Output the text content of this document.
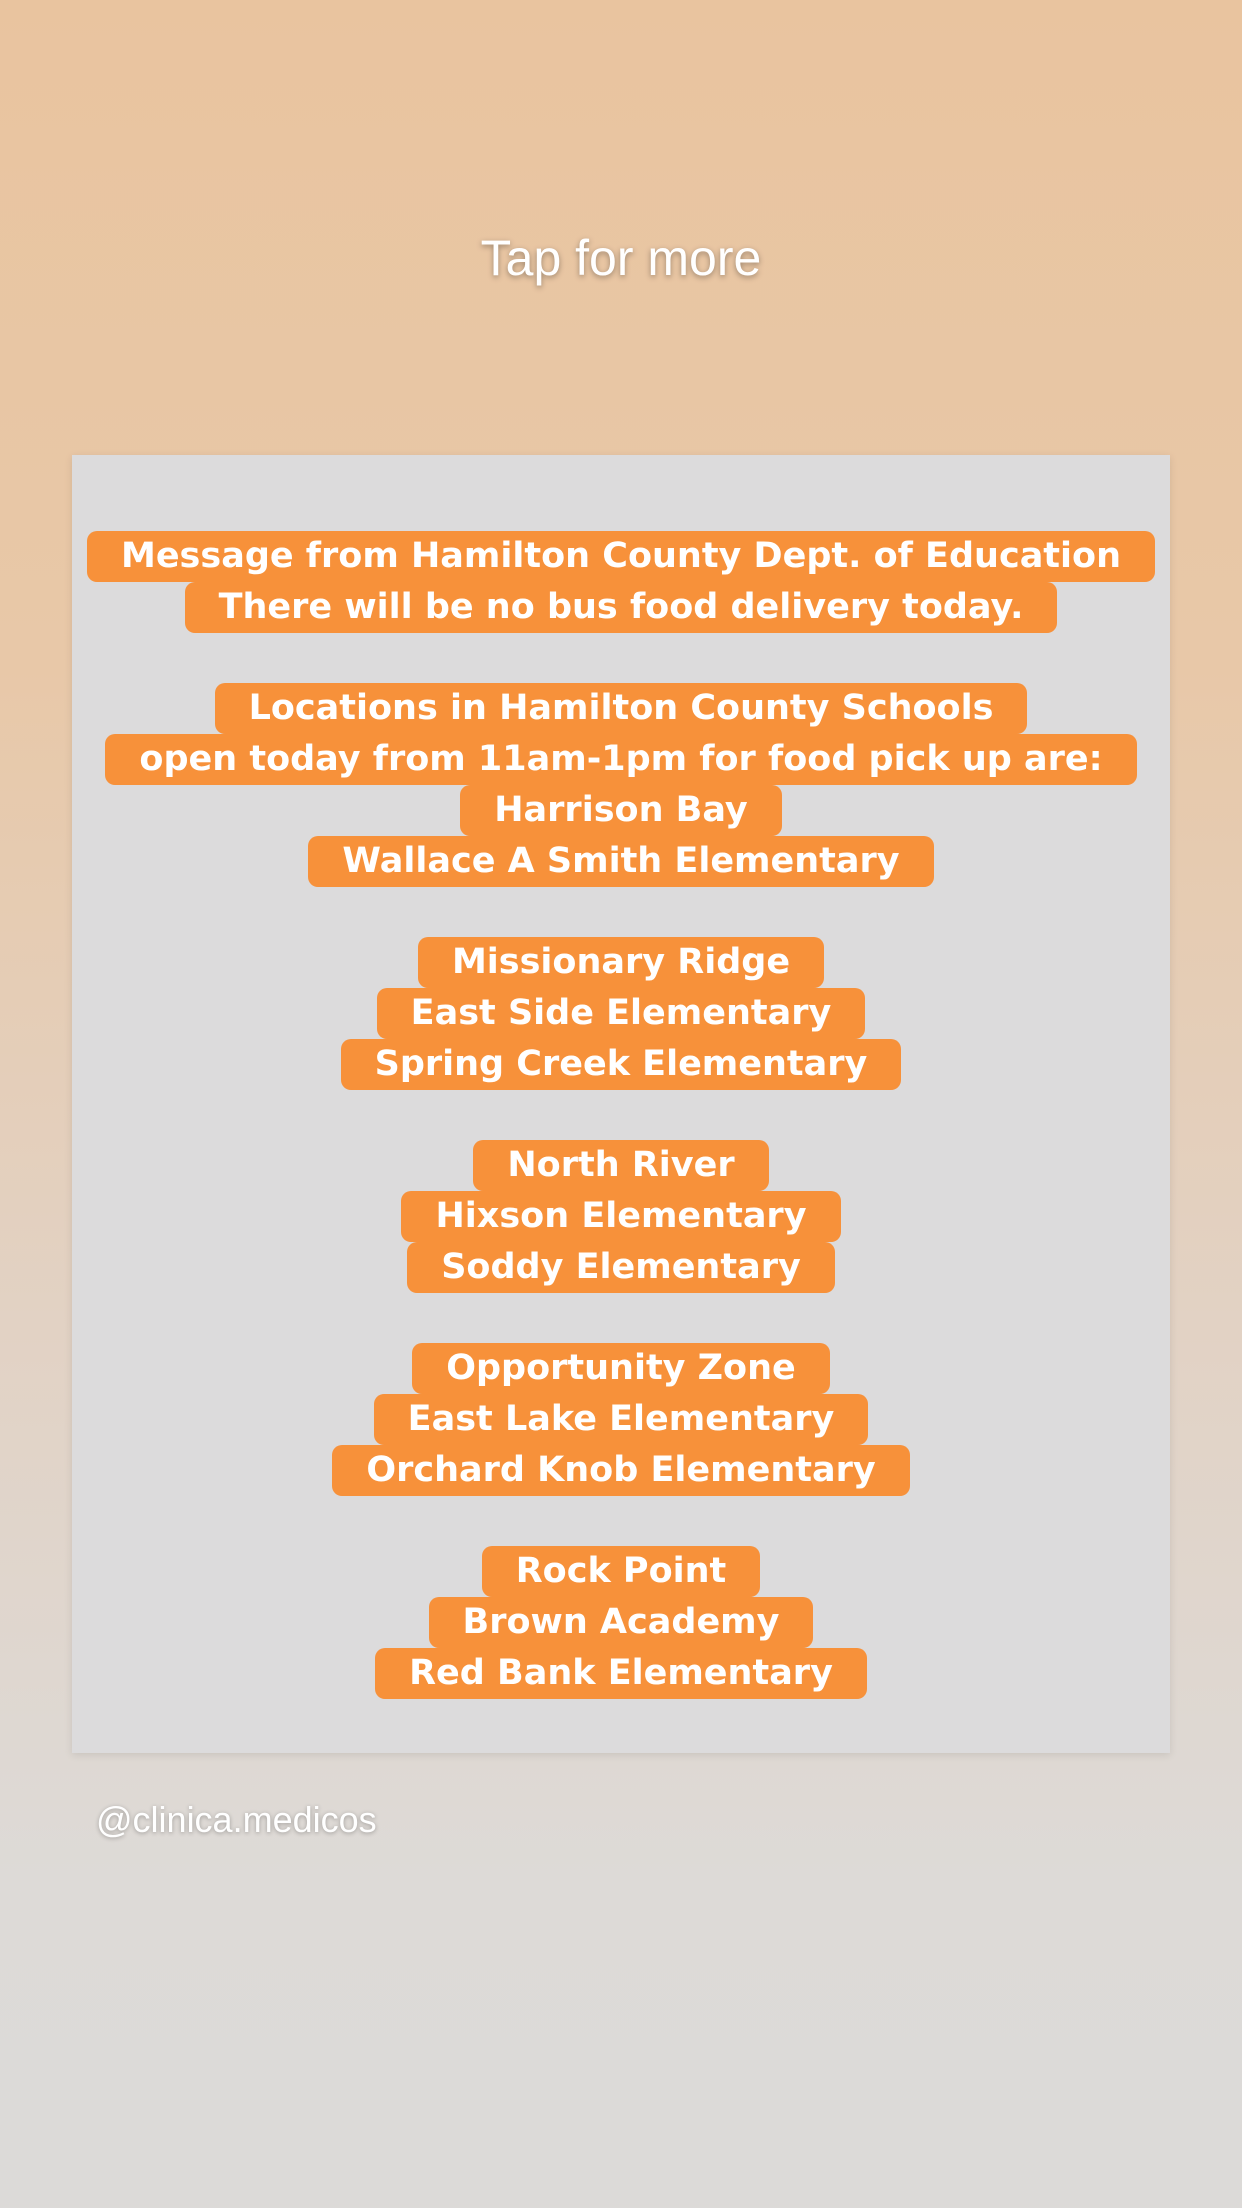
Tap for more
Message from Hamilton County Dept. of Education
There will be no bus food delivery today.
Locations in Hamilton County Schools
open today from 11am-1pm for food pick up are:
Harrison Bay
Wallace A Smith Elementary
Missionary Ridge
East Side Elementary
Spring Creek Elementary
North River
Hixson Elementary
Soddy Elementary
Opportunity Zone
East Lake Elementary
Orchard Knob Elementary
Rock Point
Brown Academy
Red Bank Elementary
@clinica.medicos
